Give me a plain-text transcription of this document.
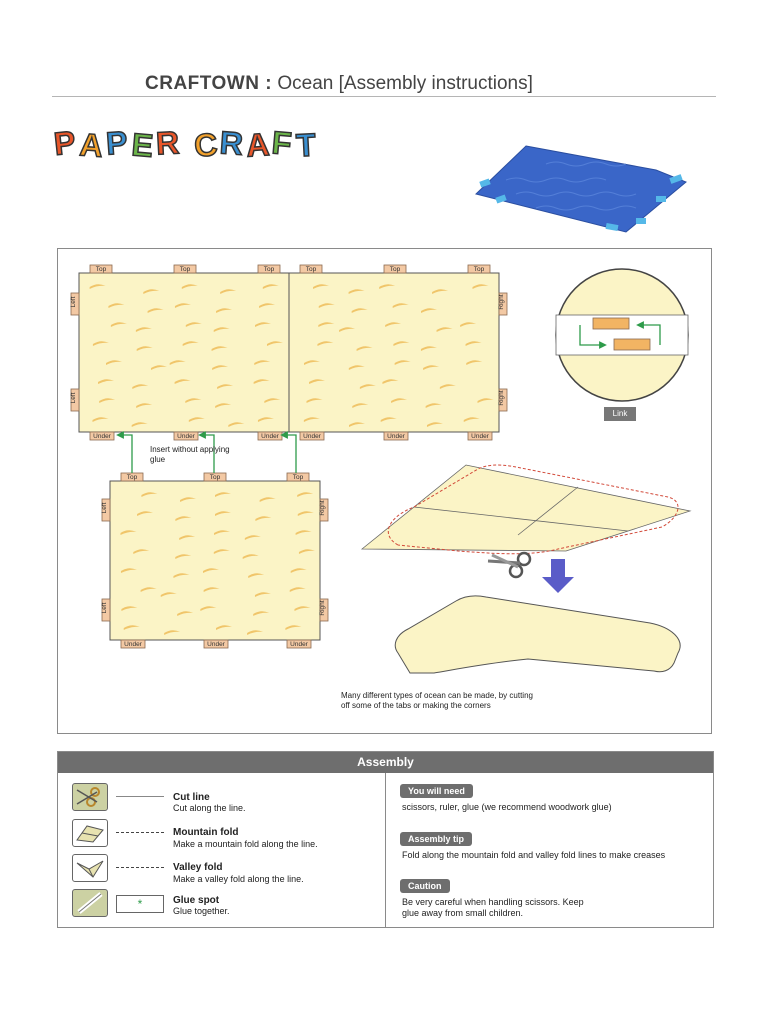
CRAFTOWN : Ocean [Assembly instructions]
P A P E R C R A F T
Top
Under
Top
Under
Top
Under
Top
Under
Top
Under
Top
Under
Left
Left
Right
Right
Top
Under
Top
Under
Top
Under
Left
Left
Right
Right
Insert without applying glue
Link
Many different types of ocean can be made, by cutting off some of the tabs or making the corners
Assembly
Cut line
Cut along the line.
Mountain fold
Make a mountain fold along the line.
Valley fold
Make a valley fold along the line.
*	Glue spot
Glue together.
You will need
scissors, ruler, glue (we recommend woodwork glue)
Assembly tip
Fold along the mountain fold and valley fold lines to make creases
Caution
Be very careful when handling scissors. Keep glue away from small children.
